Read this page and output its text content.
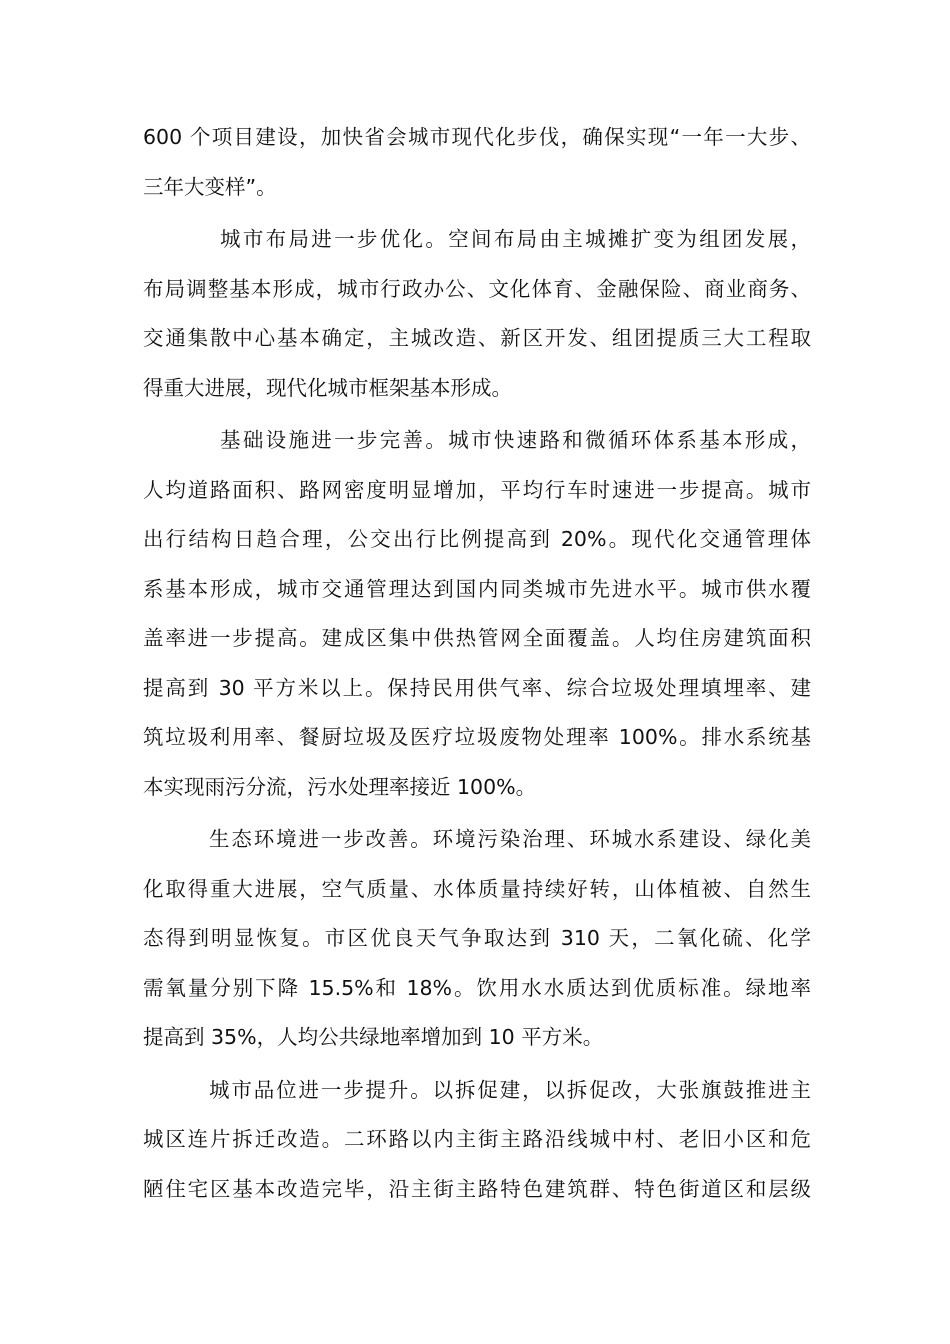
600 个项目建设，加快省会城市现代化步伐，确保实现“一年一大步、
三年大变样”。

城市布局进一步优化。空间布局由主城摊扩变为组团发展，
布局调整基本形成，城市行政办公、文化体育、金融保险、商业商务、
交通集散中心基本确定，主城改造、新区开发、组团提质三大工程取
得重大进展，现代化城市框架基本形成。

基础设施进一步完善。城市快速路和微循环体系基本形成，
人均道路面积、路网密度明显增加，平均行车时速进一步提高。城市
出行结构日趋合理，公交出行比例提高到 20%。现代化交通管理体
系基本形成，城市交通管理达到国内同类城市先进水平。城市供水覆
盖率进一步提高。建成区集中供热管网全面覆盖。人均住房建筑面积
提高到 30 平方米以上。保持民用供气率、综合垃圾处理填埋率、建
筑垃圾利用率、餐厨垃圾及医疗垃圾废物处理率 100%。排水系统基
本实现雨污分流，污水处理率接近 100%。

生态环境进一步改善。环境污染治理、环城水系建设、绿化美
化取得重大进展，空气质量、水体质量持续好转，山体植被、自然生
态得到明显恢复。市区优良天气争取达到 310 天，二氧化硫、化学
需氧量分别下降 15.5%和 18%。饮用水水质达到优质标准。绿地率
提高到 35%，人均公共绿地率增加到 10 平方米。

城市品位进一步提升。以拆促建，以拆促改，大张旗鼓推进主
城区连片拆迁改造。二环路以内主街主路沿线城中村、老旧小区和危
陋住宅区基本改造完毕，沿主街主路特色建筑群、特色街道区和层级
